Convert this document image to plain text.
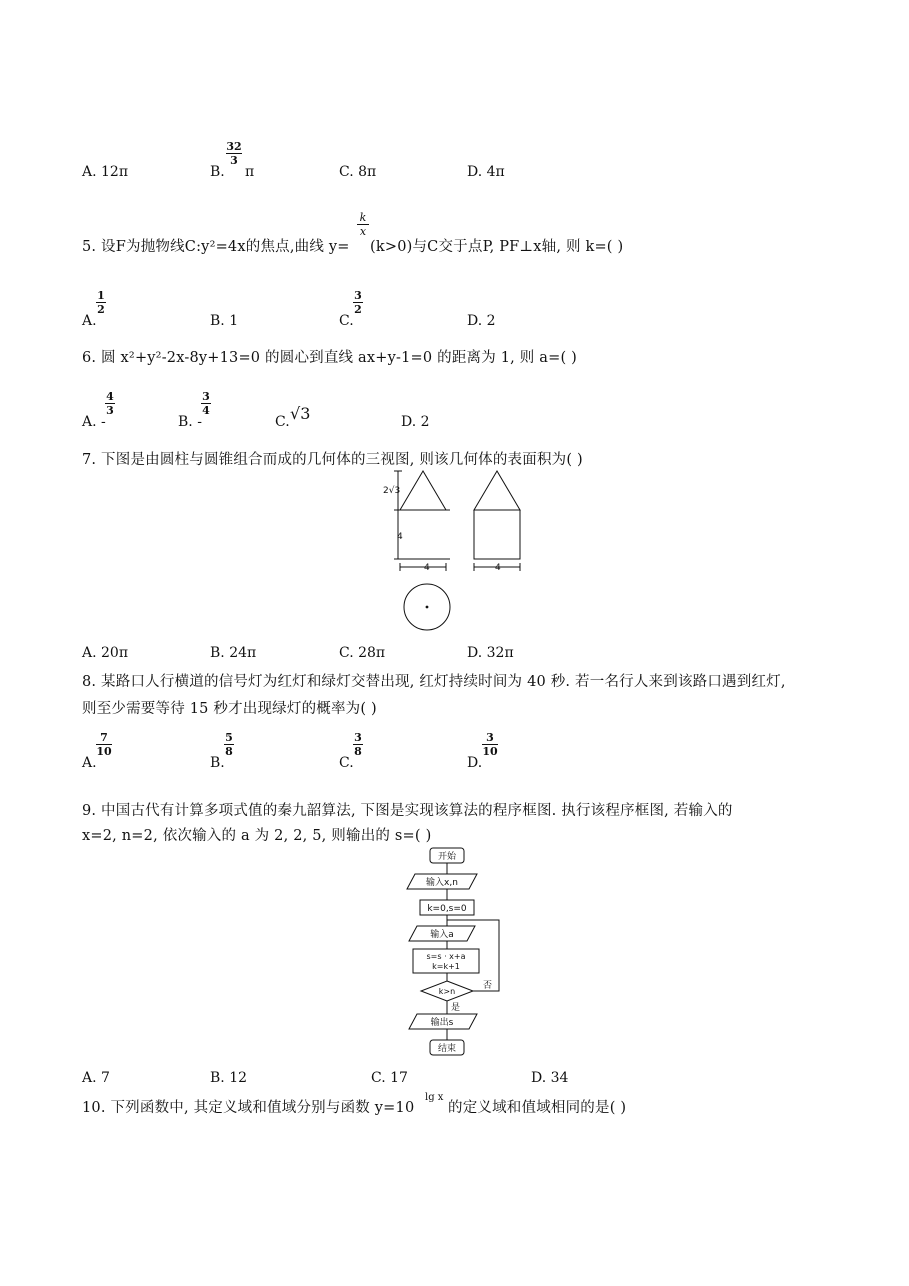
A. 12π	B.
32
3
π	C. 8π	D. 4π
5. 设F为抛物线C:y²=4x的焦点,曲线 y=
k
x
(k>0)与C交于点P, PF⊥x轴, 则 k=( )
A.
1
2
B. 1	C.
3
2
D. 2
6. 圆 x²+y²-2x-8y+13=0 的圆心到直线 ax+y-1=0 的距离为 1, 则 a=( )
A. -
4
3
B. -
3
4
C. √3	D. 2
7. 下图是由圆柱与圆锥组合而成的几何体的三视图, 则该几何体的表面积为( )
2√3
4
4	4
A. 20π	B. 24π	C. 28π	D. 32π
8. 某路口人行横道的信号灯为红灯和绿灯交替出现, 红灯持续时间为 40 秒. 若一名行人来到该路口遇到红灯,
则至少需要等待 15 秒才出现绿灯的概率为( )
A.
7
10
B.
5
8
C.
3
8
D.
3
10
9. 中国古代有计算多项式值的秦九韶算法, 下图是实现该算法的程序框图. 执行该程序框图, 若输入的
x=2, n=2, 依次输入的 a 为 2, 2, 5, 则输出的 s=( )
开始
输入x,n
k=0,s=0
输入a
s=s · x+a
k=k+1
k>n
否
是
输出s
结束
A. 7	B. 12	C. 17	D. 34
10. 下列函数中, 其定义域和值域分别与函数 y=10
lg x
的定义域和值域相同的是( )
